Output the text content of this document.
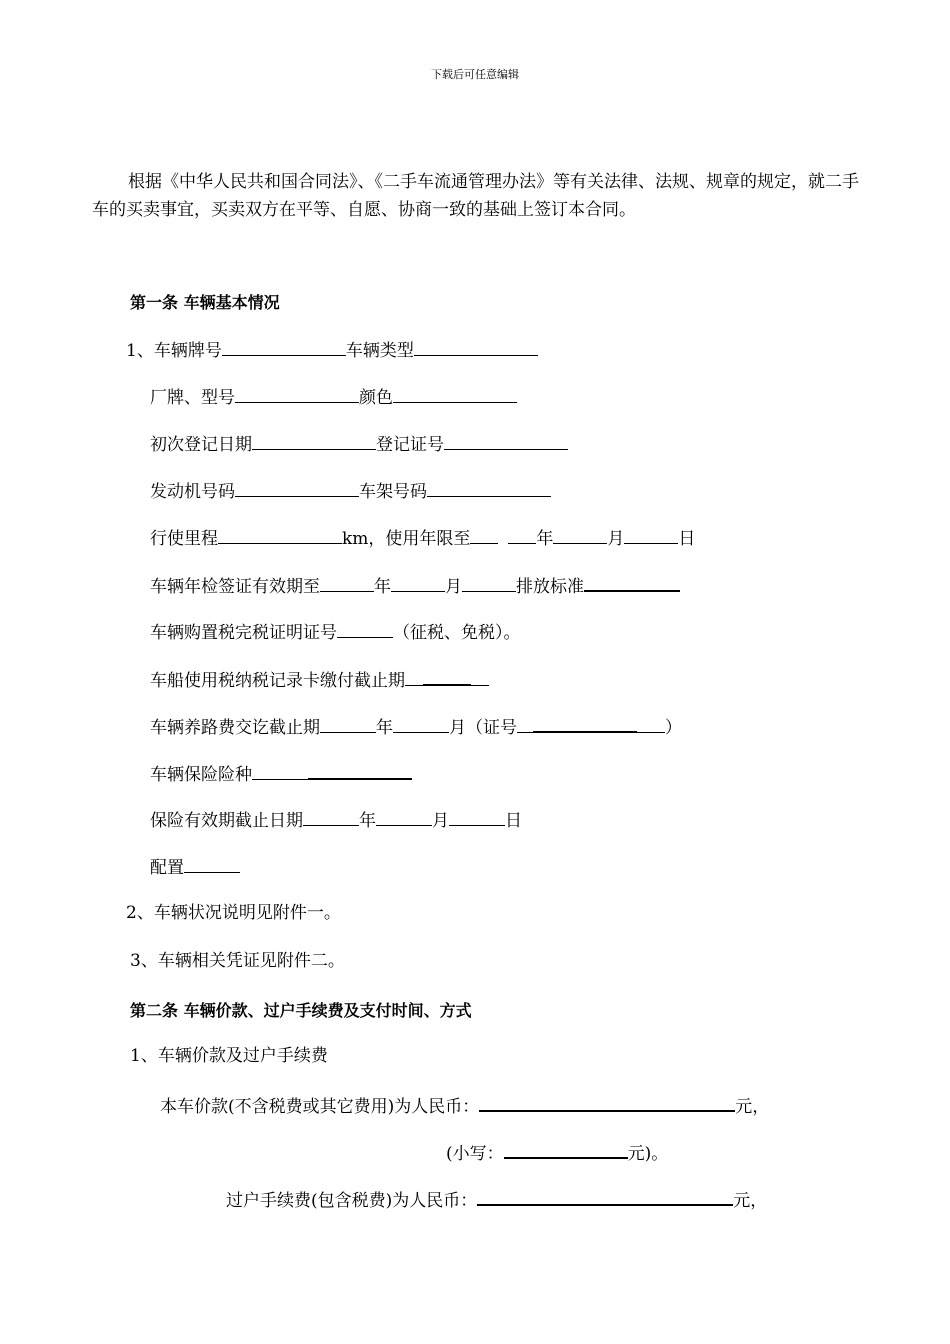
下载后可任意编辑
根据《中华人民共和国合同法》、《二手车流通管理办法》等有关法律、法规、规章的规定，就二手车的买卖事宜，买卖双方在平等、自愿、协商一致的基础上签订本合同。
第一条 车辆基本情况
1、车辆牌号	车辆类型
厂牌、型号	颜色
初次登记日期	登记证号
发动机号码	车架号码
行使里程	km，使用年限至	年	月	日
车辆年检签证有效期至	年	月	排放标准
车辆购置税完税证明证号	（征税、免税）。
车船使用税纳税记录卡缴付截止期
车辆养路费交讫截止期	年	月（证号	）
车辆保险险种
保险有效期截止日期	年	月	日
配置
2、车辆状况说明见附件一。
3、车辆相关凭证见附件二。
第二条 车辆价款、过户手续费及支付时间、方式
1、车辆价款及过户手续费
本车价款(不含税费或其它费用)为人民币：	元，
(小写：	元)。
过户手续费(包含税费)为人民币：	元，
